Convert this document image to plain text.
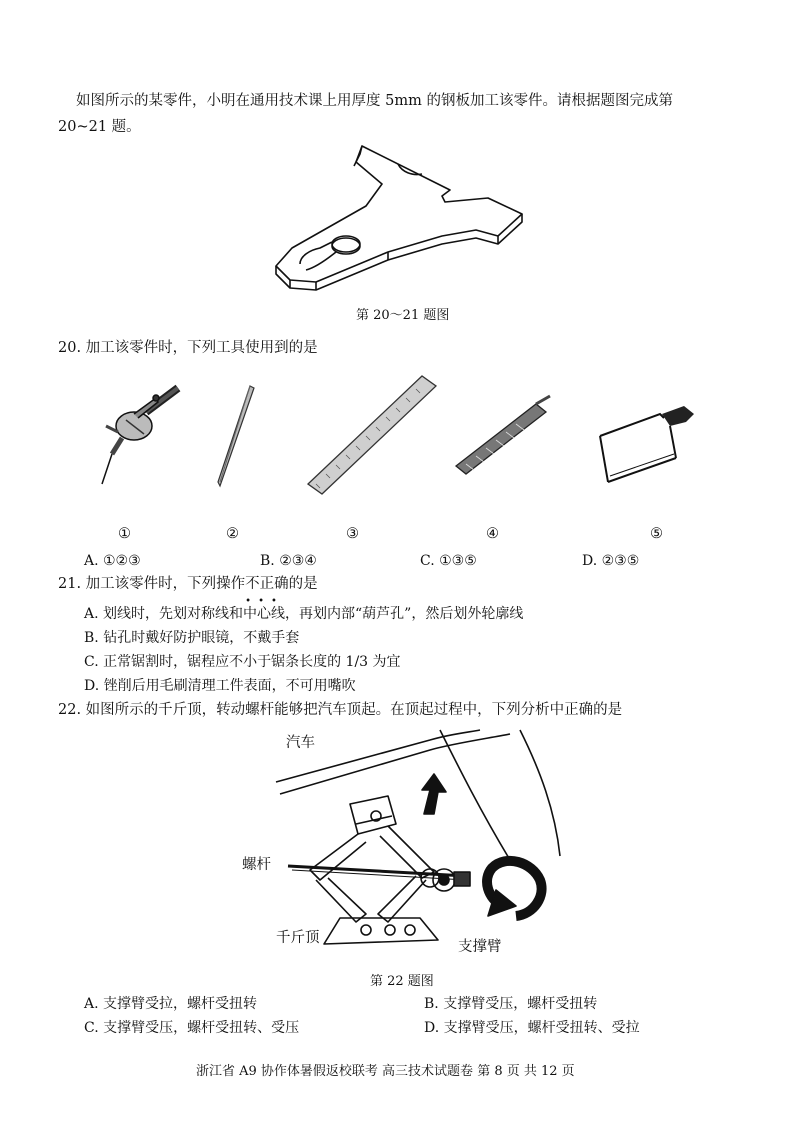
如图所示的某零件，小明在通用技术课上用厚度 5mm 的钢板加工该零件。请根据题图完成第
20~21 题。
第 20～21 题图
20. 加工该零件时，下列工具使用到的是
①	②	③	④	⑤
A. ①②③	B. ②③④	C. ①③⑤	D. ②③⑤
21. 加工该零件时，下列操作不正确
•••
的是
A. 划线时，先划对称线和中心线，再划内部“葫芦孔”，然后划外轮廓线
B. 钻孔时戴好防护眼镜，不戴手套
C. 正常锯割时，锯程应不小于锯条长度的 1/3 为宜
D. 锉削后用毛刷清理工件表面，不可用嘴吹
22. 如图所示的千斤顶，转动螺杆能够把汽车顶起。在顶起过程中，下列分析中正确的是
汽车
螺杆
千斤顶
支撑臂
第 22 题图
A. 支撑臂受拉，螺杆受扭转	B. 支撑臂受压，螺杆受扭转
C. 支撑臂受压，螺杆受扭转、受压	D. 支撑臂受压，螺杆受扭转、受拉
浙江省 A9 协作体暑假返校联考 高三技术试题卷 第 8 页 共 12 页
